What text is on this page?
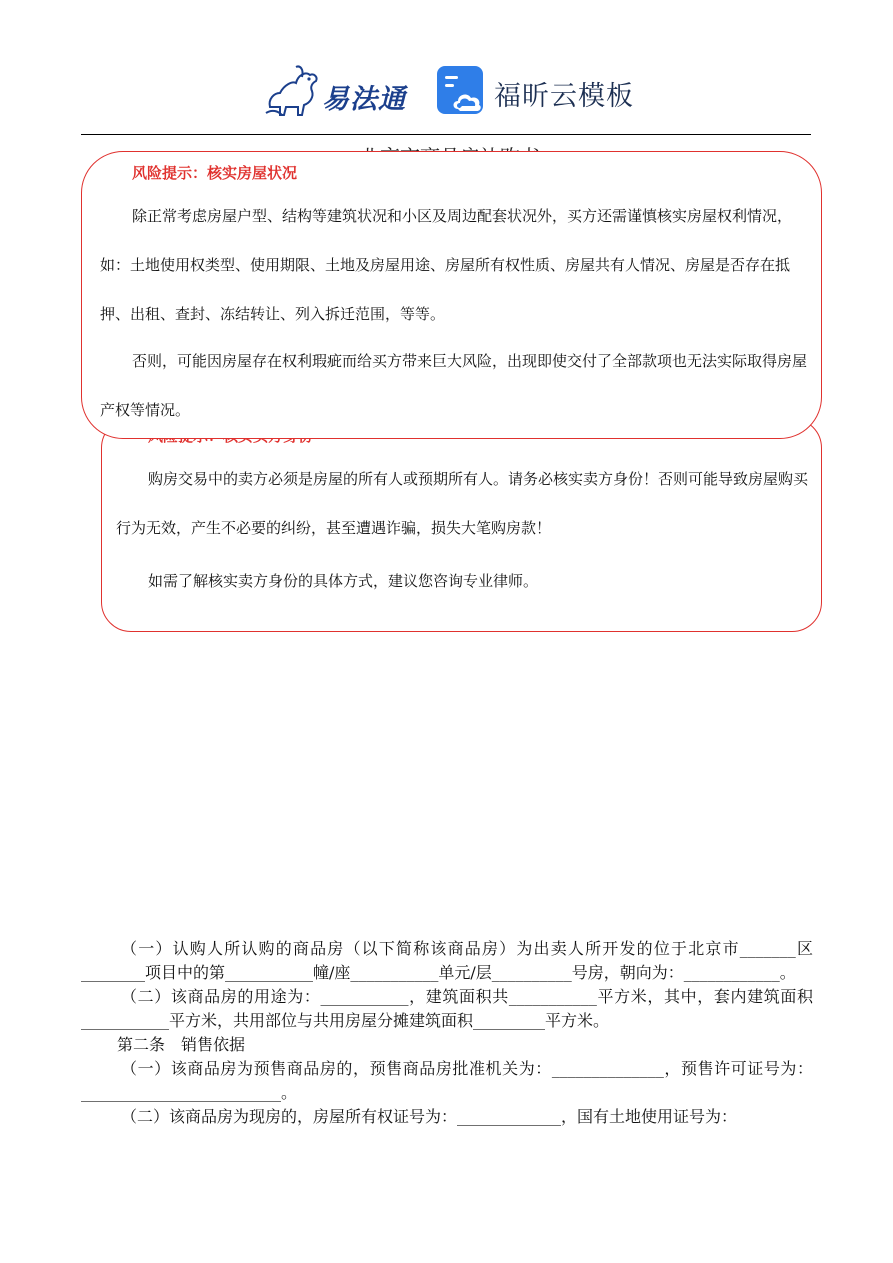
易法通	福昕云模板
风险提示：核实房屋状况

除正常考虑房屋户型、结构等建筑状况和小区及周边配套状况外，买方还需谨慎核实房屋权利情况，如：土地使用权类型、使用期限、土地及房屋用途、房屋所有权性质、房屋共有人情况、房屋是否存在抵押、出租、查封、冻结转让、列入拆迁范围，等等。

否则，可能因房屋存在权利瑕疵而给买方带来巨大风险，出现即使交付了全部款项也无法实际取得房屋产权等情况。

购房交易中的卖方必须是房屋的所有人或预期所有人。请务必核实卖方身份！否则可能导致房屋购买行为无效，产生不必要的纠纷，甚至遭遇诈骗，损失大笔购房款！

如需了解核实卖方身份的具体方式，建议您咨询专业律师。

（一）认购人所认购的商品房（以下简称该商品房）为出卖人所开发的位于北京市_______区________项目中的第___________幢/座___________单元/层__________号房，朝向为：____________。

（二）该商品房的用途为：___________，建筑面积共___________平方米，其中，套内建筑面积___________平方米，共用部位与共用房屋分摊建筑面积_________平方米。

第二条　销售依据

（一）该商品房为预售商品房的，预售商品房批准机关为：______________，预售许可证号为：_________________________。

（二）该商品房为现房的，房屋所有权证号为：_____________，国有土地使用证号为：
